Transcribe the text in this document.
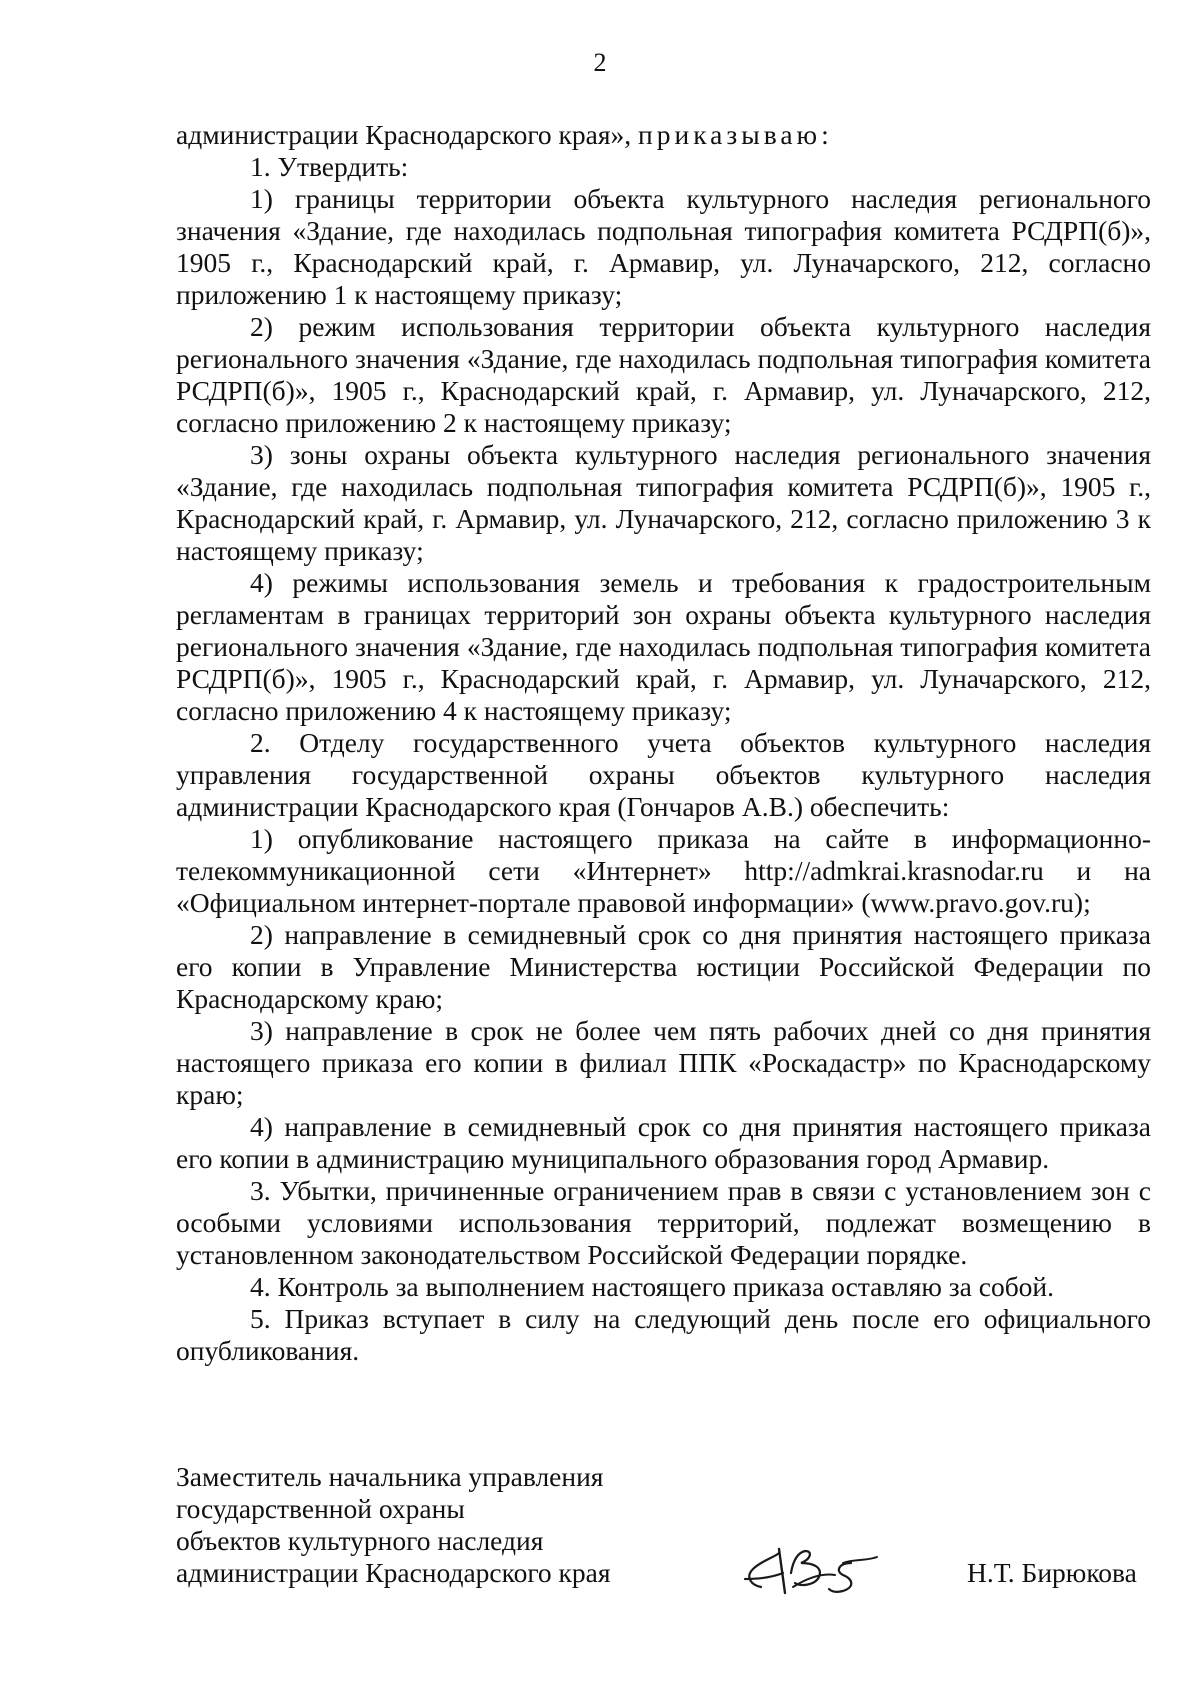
2

администрации Краснодарского края», приказываю:

1. Утвердить:

1) границы территории объекта культурного наследия регионального значения «Здание, где находилась подпольная типография комитета РСДРП(б)», 1905 г., Краснодарский край, г. Армавир, ул. Луначарского, 212, согласно приложению 1 к настоящему приказу;

2) режим использования территории объекта культурного наследия регионального значения «Здание, где находилась подпольная типография комитета РСДРП(б)», 1905 г., Краснодарский край, г. Армавир, ул. Луначарского, 212, согласно приложению 2 к настоящему приказу;

3) зоны охраны объекта культурного наследия регионального значения «Здание, где находилась подпольная типография комитета РСДРП(б)», 1905 г., Краснодарский край, г. Армавир, ул. Луначарского, 212, согласно приложению 3 к настоящему приказу;

4) режимы использования земель и требования к градостроительным регламентам в границах территорий зон охраны объекта культурного наследия регионального значения «Здание, где находилась подпольная типография комитета РСДРП(б)», 1905 г., Краснодарский край, г. Армавир, ул. Луначарского, 212, согласно приложению 4 к настоящему приказу;

2. Отделу государственного учета объектов культурного наследия управления государственной охраны объектов культурного наследия администрации Краснодарского края (Гончаров А.В.) обеспечить:

1) опубликование настоящего приказа на сайте в информационно-телекоммуникационной сети «Интернет» http://admkrai.krasnodar.ru и на «Официальном интернет-портале правовой информации» (www.pravo.gov.ru);

2) направление в семидневный срок со дня принятия настоящего приказа его копии в Управление Министерства юстиции Российской Федерации по Краснодарскому краю;

3) направление в срок не более чем пять рабочих дней со дня принятия настоящего приказа его копии в филиал ППК «Роскадастр» по Краснодарскому краю;

4) направление в семидневный срок со дня принятия настоящего приказа его копии в администрацию муниципального образования город Армавир.

3. Убытки, причиненные ограничением прав в связи с установлением зон с особыми условиями использования территорий, подлежат возмещению в установленном законодательством Российской Федерации порядке.

4. Контроль за выполнением настоящего приказа оставляю за собой.

5. Приказ вступает в силу на следующий день после его официального опубликования.

Заместитель начальника управления
государственной охраны
объектов культурного наследия
администрации Краснодарского края	Н.Т. Бирюкова
